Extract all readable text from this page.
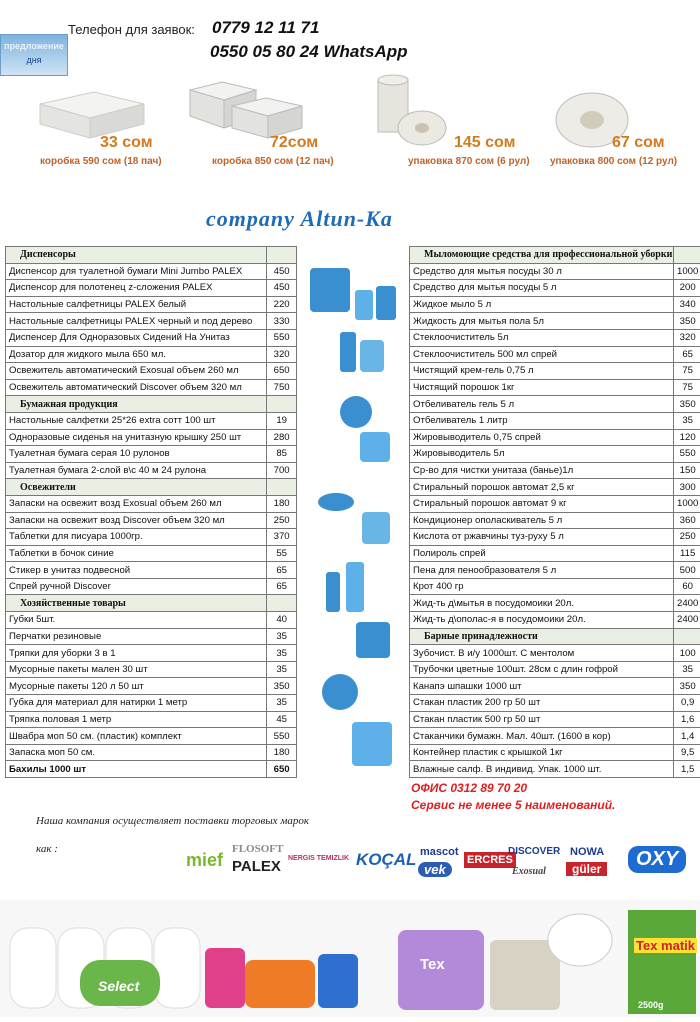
предложение
дня
Телефон для заявок: 0779 12 11 71
0550 05 80 24 WhatsApp
33 сом
коробка 590 сом (18 пач)
72сом
коробка 850 сом (12 пач)
145 сом
упаковка 870 сом (6 рул)
67 сом
упаковка 800 сом (12 рул)
company Altun-Ka
Диспенсоры	
Диспенсор для туалетной бумаги Mini Jumbo PALEX	450
Диспенсор для полотенец z-сложения PALEX	450
Настольные салфетницы PALEX белый	220
Настольные салфетницы PALEX черный и под дерево	330
Диспенсер Для Одноразовых Сидений На Унитаз	550
Дозатор для жидкого мыла 650 мл.	320
Освежитель автоматический Exosual объем 260 мл	650
Освежитель автоматический Discover объем 320 мл	750
Бумажная продукция	
Настольные салфетки 25*26 extra сотт 100 шт	19
Одноразовые сиденья на унитазную крышку 250 шт	280
Туалетная бумага серая 10 рулонов	85
Туалетная бумага 2-слой в\с 40 м 24 рулона	700
Освежители	
Запаски на освежит возд Exosual объем 260 мл	180
Запаски на освежит возд Discover объем 320 мл	250
Таблетки для писуара 1000гр.	370
Таблетки в бочок синие	55
Стикер в унитаз подвесной	65
Спрей ручной Discover	65
Хозяйственные товары	
Губки 5шт.	40
Перчатки резиновые	35
Тряпки для уборки 3 в 1	35
Мусорные пакеты мален 30 шт	35
Мусорные пакеты 120 л 50 шт	350
Губка для материал для натирки 1 метр	35
Тряпка половая 1 метр	45
Швабра моп 50 см. (пластик) комплект	550
Запаска моп 50 см.	180
Бахилы 1000 шт	650
Мыломоющие средства для профессиональной уборки	
Средство для мытья посуды 30 л	1000
Средство для мытья посуды 5 л	200
Жидкое мыло 5 л	340
Жидкость для мытья пола 5л	350
Стеклоочиститель 5л	320
Стеклоочиститель 500 мл спрей	65
Чистящий крем-гель 0,75 л	75
Чистящий порошок 1кг	75
Отбеливатель гель 5 л	350
Отбеливатель 1 литр	35
Жировыводитель 0,75 спрей	120
Жировыводитель 5л	550
Ср-во для чистки унитаза (банье)1л	150
Стиральный порошок автомат 2,5 кг	300
Стиральный порошок автомат 9 кг	1000
Кондиционер ополаскиватель 5 л	360
Кислота от ржавчины туз-руху 5 л	250
Полироль спрей	115
Пена для пенообразователя 5 л	500
Крот 400 гр	60
Жид-ть д\мытья в посудомоики 20л.	2400
Жид-ть д\ополас-я в посудомоики 20л.	2400
Барные принадлежности	
Зубочист. В и/у 1000шт. С ментолом	100
Трубочки цветные 100шт. 28см с длин гофрой	35
Канапэ шпашки 1000 шт	350
Стакан пластик 200 гр 50 шт	0,9
Стакан пластик 500 гр 50 шт	1,6
Стаканчики бумажн. Мал. 40шт. (1600 в кор)	1,4
Контейнер пластик с крышкой 1кг	9,5
Влажные салф. В индивид. Упак. 1000 шт.	1,5
ОФИС 0312 89 70 20
Сервис не менее 5 наименований.
Наша компания осуществляет поставки торговых марок
как :
mief
FLOSOFT
PALEX NERGIS TEMIZLIK KOÇAL mascot
vek
ERCRES
DISCOVER
Exosual
NOWA
güler	OXY
Select
Tex
Tex matik
2500g
